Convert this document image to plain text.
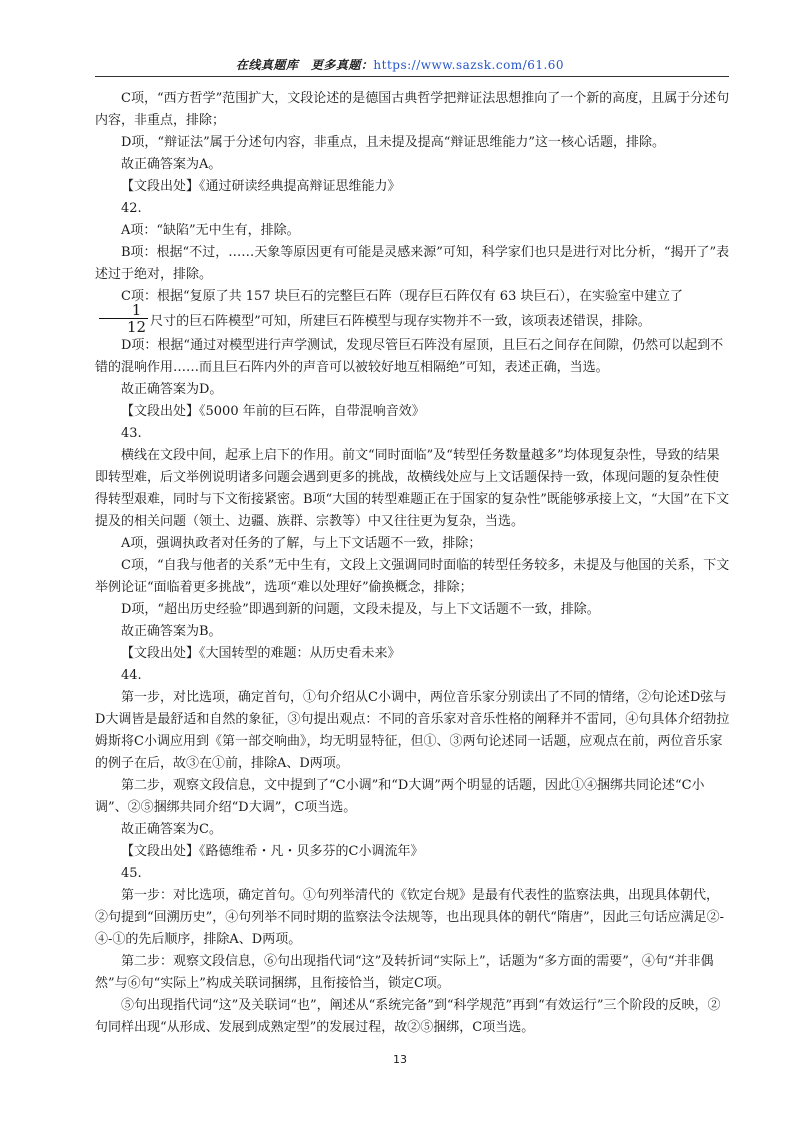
在线真题库　更多真题：https://www.sazsk.com/61.60

C项，“西方哲学”范围扩大，文段论述的是德国古典哲学把辩证法思想推向了一个新的高度，且属于分述句内容，非重点，排除；

D项，“辩证法”属于分述句内容，非重点，且未提及提高“辩证思维能力”这一核心话题，排除。

故正确答案为A。

【文段出处】《通过研读经典提高辩证思维能力》

42.

A项：“缺陷”无中生有，排除。

B项：根据“不过，……天象等原因更有可能是灵感来源”可知，科学家们也只是进行对比分析，“揭开了”表述过于绝对，排除。

C项：根据“复原了共 157 块巨石的完整巨石阵（现存巨石阵仅有 63 块巨石），在实验室中建立了
$\frac{1}{12}$ 尺寸的巨石阵模型”可知，所建巨石阵模型与现存实物并不一致，该项表述错误，排除。

D项：根据“通过对模型进行声学测试，发现尽管巨石阵没有屋顶，且巨石之间存在间隙，仍然可以起到不错的混响作用……而且巨石阵内外的声音可以被较好地互相隔绝”可知，表述正确，当选。

故正确答案为D。

【文段出处】《5000 年前的巨石阵，自带混响音效》

43.

横线在文段中间，起承上启下的作用。前文“同时面临”及“转型任务数量越多”均体现复杂性，导致的结果即转型难，后文举例说明诸多问题会遇到更多的挑战，故横线处应与上文话题保持一致，体现问题的复杂性使得转型艰难，同时与下文衔接紧密。B项“大国的转型难题正在于国家的复杂性”既能够承接上文，“大国”在下文提及的相关问题（领土、边疆、族群、宗教等）中又往往更为复杂，当选。

A项，强调执政者对任务的了解，与上下文话题不一致，排除；

C项，“自我与他者的关系”无中生有，文段上文强调同时面临的转型任务较多，未提及与他国的关系，下文举例论证“面临着更多挑战”，选项“难以处理好”偷换概念，排除；

D项，“超出历史经验”即遇到新的问题，文段未提及，与上下文话题不一致，排除。

故正确答案为B。

【文段出处】《大国转型的难题：从历史看未来》

44.

第一步，对比选项，确定首句，①句介绍从C小调中，两位音乐家分别读出了不同的情绪，②句论述D弦与D大调皆是最舒适和自然的象征，③句提出观点：不同的音乐家对音乐性格的阐释并不雷同，④句具体介绍勃拉姆斯将C小调应用到《第一部交响曲》，均无明显特征，但①、③两句论述同一话题，应观点在前，两位音乐家的例子在后，故③在①前，排除A、D两项。

第二步，观察文段信息，文中提到了“C小调”和“D大调”两个明显的话题，因此①④捆绑共同论述“C小调”、②⑤捆绑共同介绍“D大调”，C项当选。

故正确答案为C。

【文段出处】《路德维希・凡・贝多芬的C小调流年》

45.

第一步：对比选项，确定首句。①句列举清代的《钦定台规》是最有代表性的监察法典，出现具体朝代，②句提到“回溯历史”，④句列举不同时期的监察法令法规等，也出现具体的朝代“隋唐”，因此三句话应满足②-④-①的先后顺序，排除A、D两项。

第二步：观察文段信息，⑥句出现指代词“这”及转折词“实际上”，话题为“多方面的需要”，④句“并非偶然”与⑥句“实际上”构成关联词捆绑，且衔接恰当，锁定C项。

⑤句出现指代词“这”及关联词“也”，阐述从“系统完备”到“科学规范”再到“有效运行”三个阶段的反映，②句同样出现“从形成、发展到成熟定型”的发展过程，故②⑤捆绑，C项当选。

13
